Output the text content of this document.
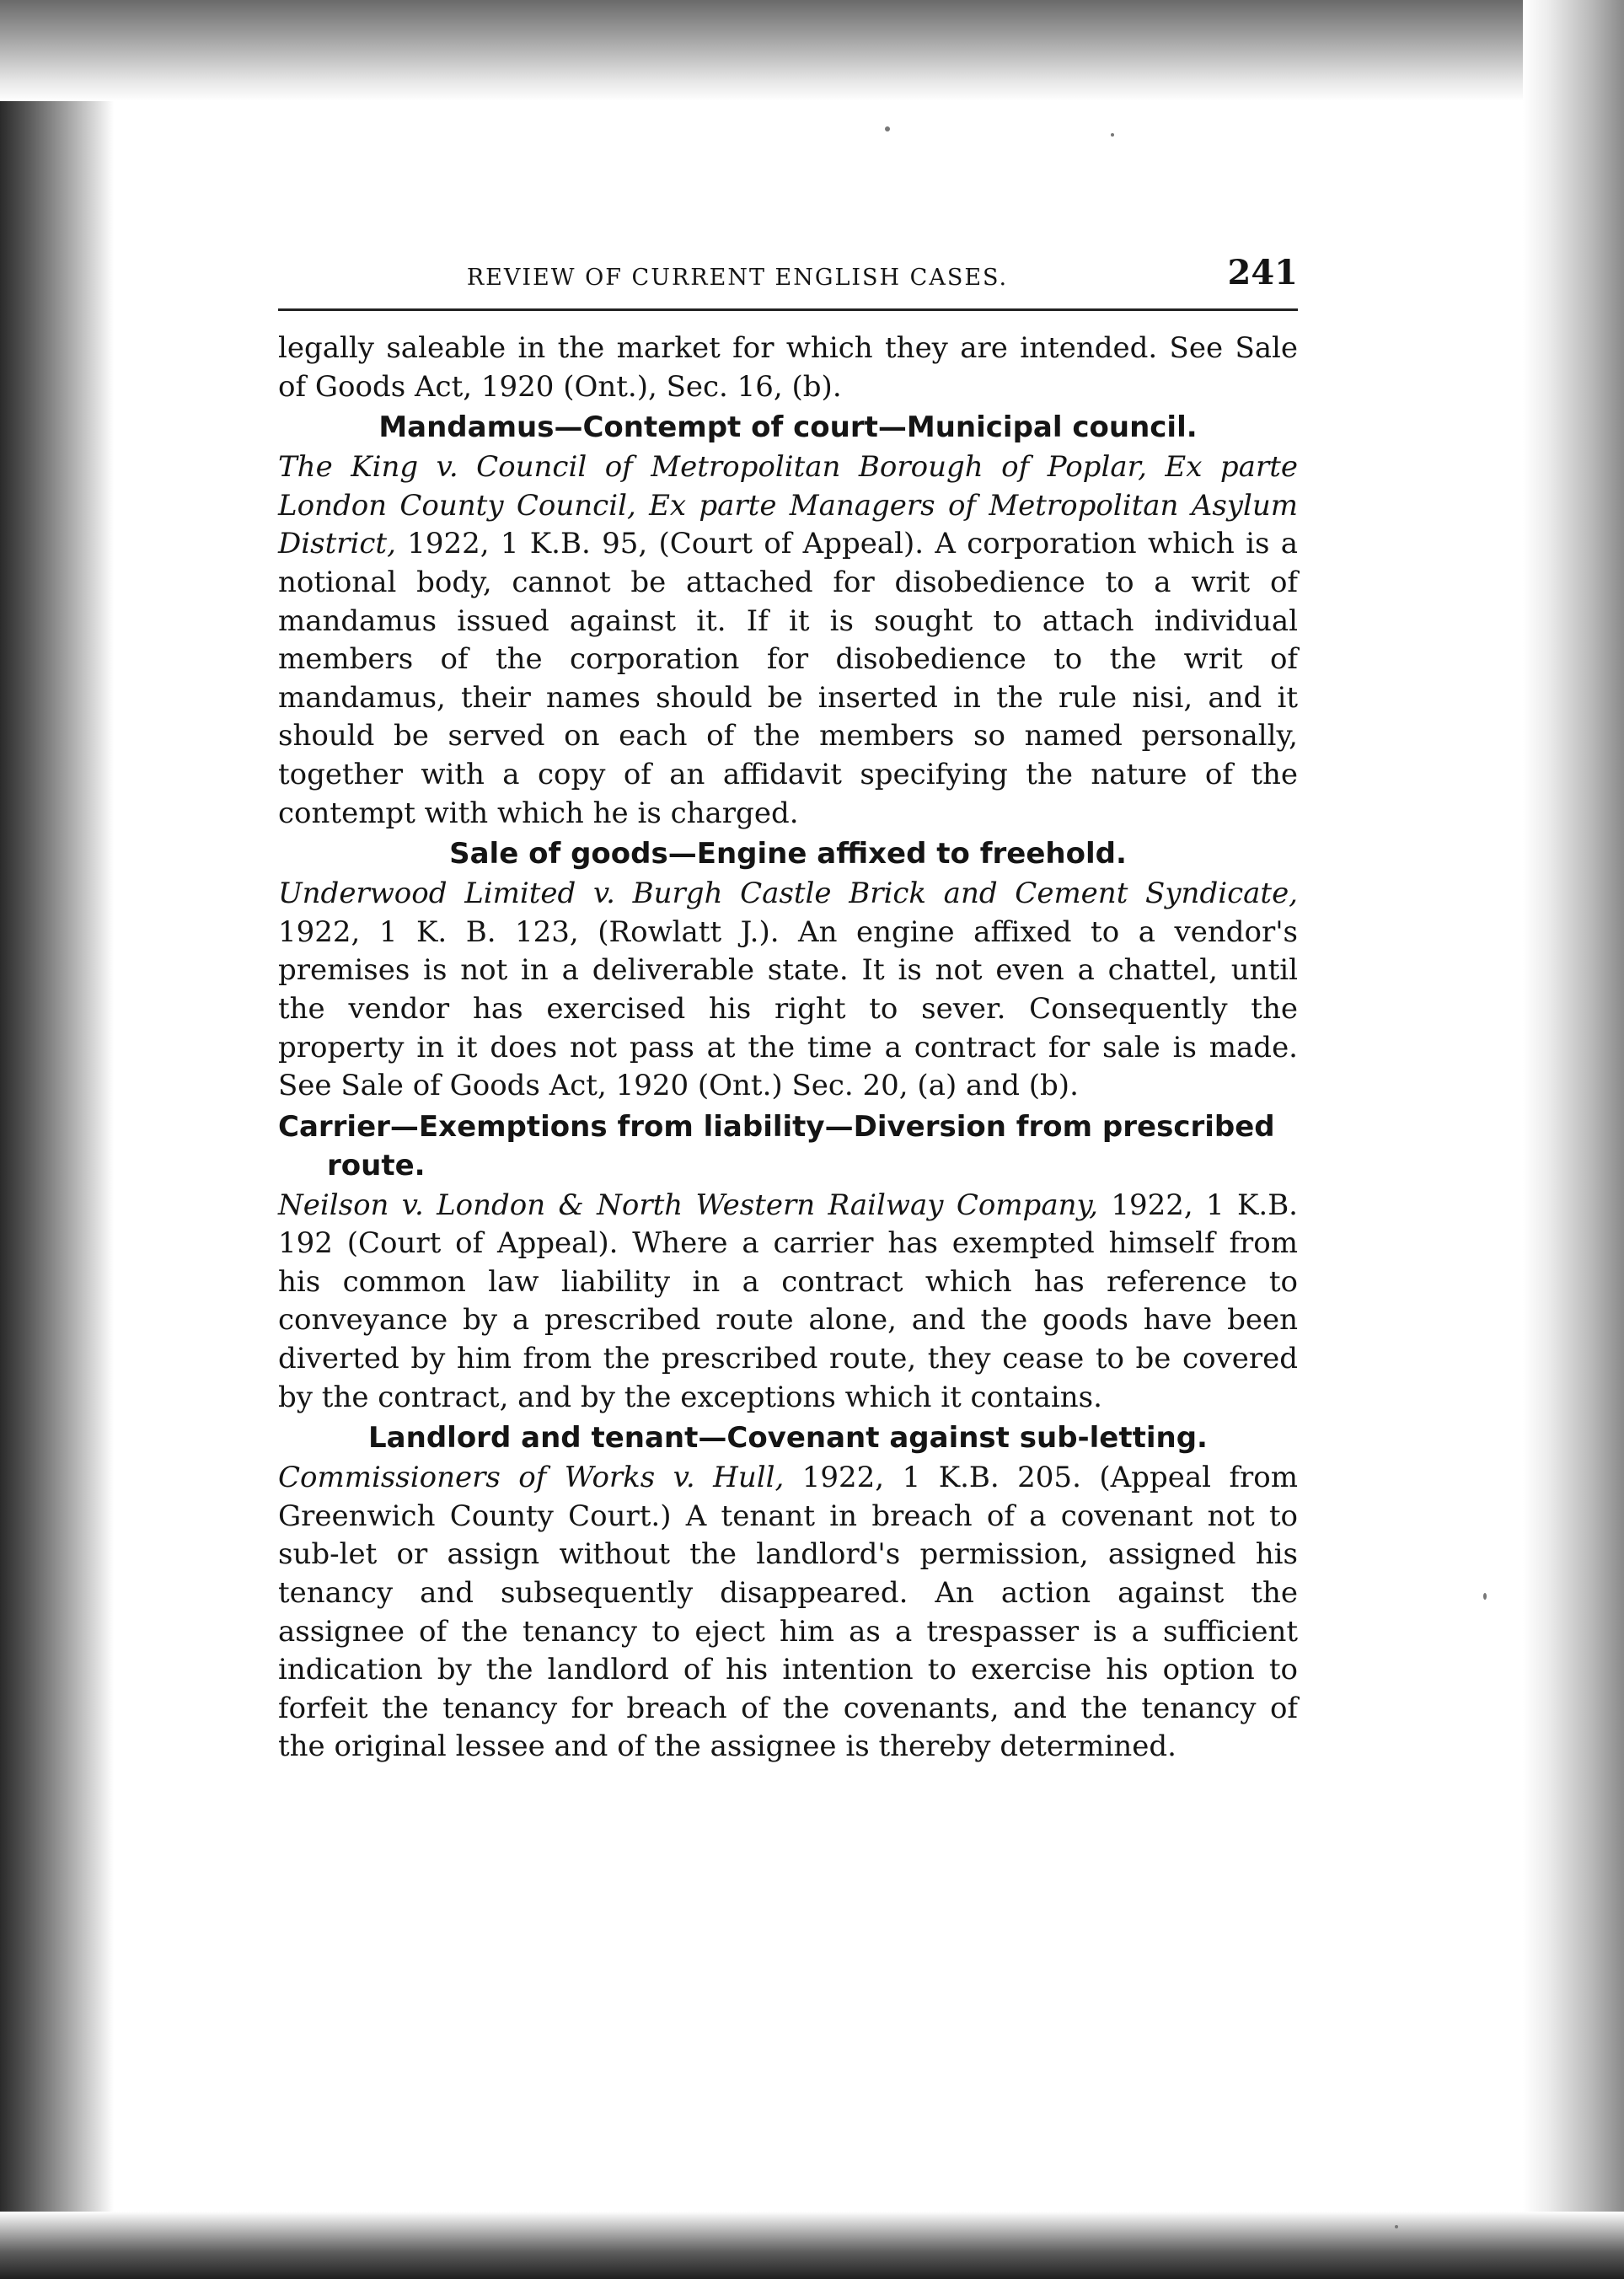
REVIEW OF CURRENT ENGLISH CASES.	241

legally saleable in the market for which they are intended. See Sale of Goods Act, 1920 (Ont.), Sec. 16, (b).

Mandamus—Contempt of court—Municipal council.

The King v. Council of Metropolitan Borough of Poplar, Ex parte London County Council, Ex parte Managers of Metropolitan Asylum District, 1922, 1 K.B. 95, (Court of Appeal). A corporation which is a notional body, cannot be attached for disobedience to a writ of mandamus issued against it. If it is sought to attach individual members of the corporation for disobedience to the writ of mandamus, their names should be inserted in the rule nisi, and it should be served on each of the members so named personally, together with a copy of an affidavit specifying the nature of the contempt with which he is charged.

Sale of goods—Engine affixed to freehold.

Underwood Limited v. Burgh Castle Brick and Cement Syndicate, 1922, 1 K. B. 123, (Rowlatt J.). An engine affixed to a vendor's premises is not in a deliverable state. It is not even a chattel, until the vendor has exercised his right to sever. Consequently the property in it does not pass at the time a contract for sale is made. See Sale of Goods Act, 1920 (Ont.) Sec. 20, (a) and (b).

Carrier—Exemptions from liability—Diversion from prescribed route.

Neilson v. London & North Western Railway Company, 1922, 1 K.B. 192 (Court of Appeal). Where a carrier has exempted himself from his common law liability in a contract which has reference to conveyance by a prescribed route alone, and the goods have been diverted by him from the prescribed route, they cease to be covered by the contract, and by the exceptions which it contains.

Landlord and tenant—Covenant against sub-letting.

Commissioners of Works v. Hull, 1922, 1 K.B. 205. (Appeal from Greenwich County Court.) A tenant in breach of a covenant not to sub-let or assign without the landlord's permission, assigned his tenancy and subsequently disappeared. An action against the assignee of the tenancy to eject him as a trespasser is a sufficient indication by the landlord of his intention to exercise his option to forfeit the tenancy for breach of the covenants, and the tenancy of the original lessee and of the assignee is thereby determined.
